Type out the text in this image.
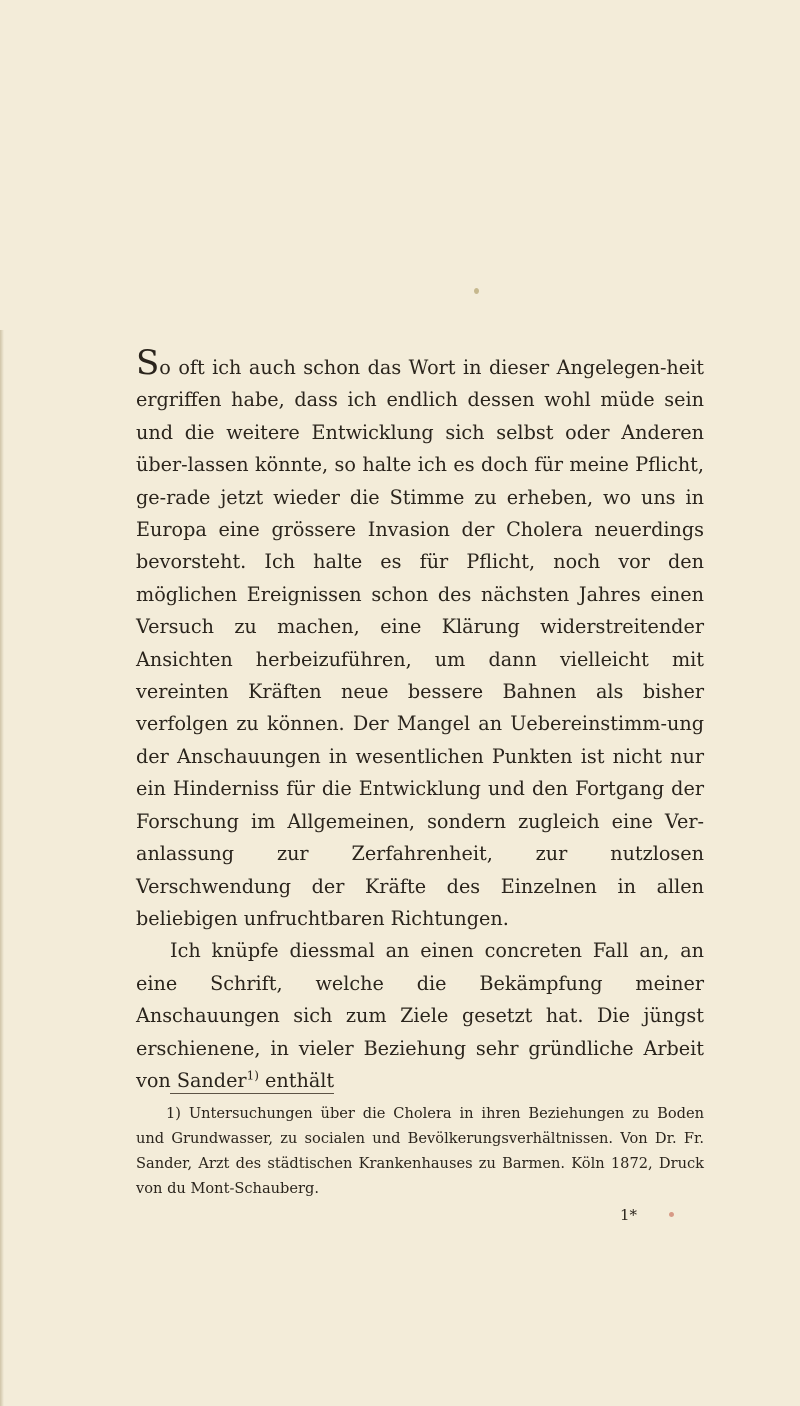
So oft ich auch schon das Wort in dieser Angelegen-heit ergriffen habe, dass ich endlich dessen wohl müde sein und die weitere Entwicklung sich selbst oder Anderen über-lassen könnte, so halte ich es doch für meine Pflicht, ge-rade jetzt wieder die Stimme zu erheben, wo uns in Europa eine grössere Invasion der Cholera neuerdings bevorsteht. Ich halte es für Pflicht, noch vor den möglichen Ereignissen schon des nächsten Jahres einen Versuch zu machen, eine Klärung widerstreitender Ansichten herbeizuführen, um dann vielleicht mit vereinten Kräften neue bessere Bahnen als bisher verfolgen zu können. Der Mangel an Uebereinstimm-ung der Anschauungen in wesentlichen Punkten ist nicht nur ein Hinderniss für die Entwicklung und den Fortgang der Forschung im Allgemeinen, sondern zugleich eine Ver-anlassung zur Zerfahrenheit, zur nutzlosen Verschwendung der Kräfte des Einzelnen in allen beliebigen unfruchtbaren Richtungen.

Ich knüpfe diessmal an einen concreten Fall an, an eine Schrift, welche die Bekämpfung meiner Anschauungen sich zum Ziele gesetzt hat. Die jüngst erschienene, in vieler Beziehung sehr gründliche Arbeit von Sander$^{1)}$ enthält

1) Untersuchungen über die Cholera in ihren Beziehungen zu Boden und Grundwasser, zu socialen und Bevölkerungsverhältnissen. Von Dr. Fr. Sander, Arzt des städtischen Krankenhauses zu Barmen. Köln 1872, Druck von du Mont-Schauberg.

1*
